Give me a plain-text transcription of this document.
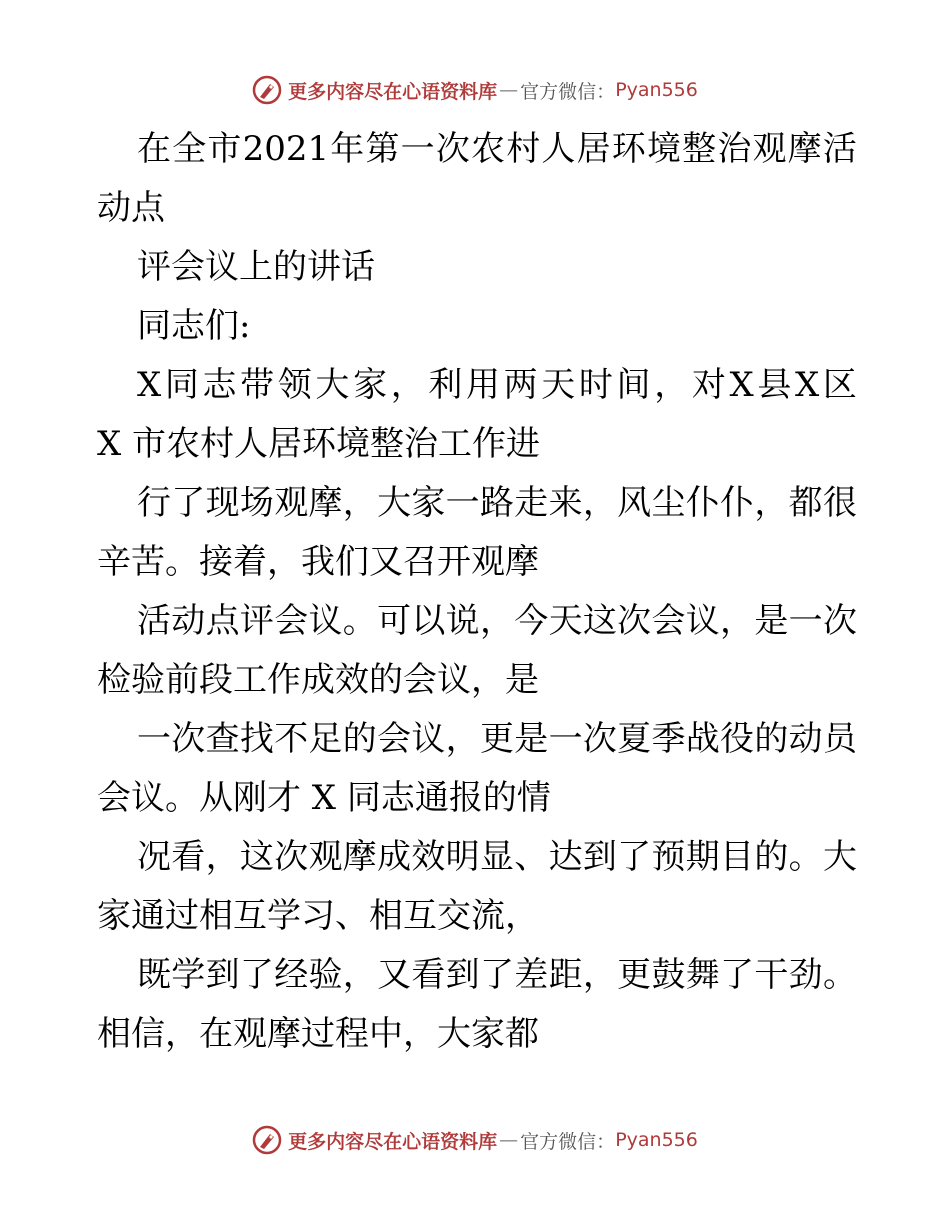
更多内容尽在心语资料库 — 官方微信： Pyan556
在 全 市 2021 年 第 一 次 农 村 人 居 环 境 整 治 观 摩 活
动点
评会议上的讲话
同志们:
X 同 志 带 领 大 家 ， 利 用 两 天 时 间 ， 对 X 县 X 区
X 市农村人居环境整治工作进
行 了 现 场 观 摩 ， 大 家 一 路 走 来 ， 风 尘 仆 仆 ， 都 很
辛苦。接着，我们又召开观摩
活 动 点 评 会 议 。 可 以 说 ， 今 天 这 次 会 议 ， 是 一 次
检验前段工作成效的会议，是
一 次 查 找 不 足 的 会 议 ， 更 是 一 次 夏 季 战 役 的 动 员
会议。从刚才 X 同志通报的情
况 看 ， 这 次 观 摩 成 效 明 显 、 达 到 了 预 期 目 的 。 大
家通过相互学习、相互交流，
既 学 到 了 经 验 ， 又 看 到 了 差 距 ， 更 鼓 舞 了 干 劲 。
相信，在观摩过程中，大家都
更多内容尽在心语资料库 — 官方微信： Pyan556
